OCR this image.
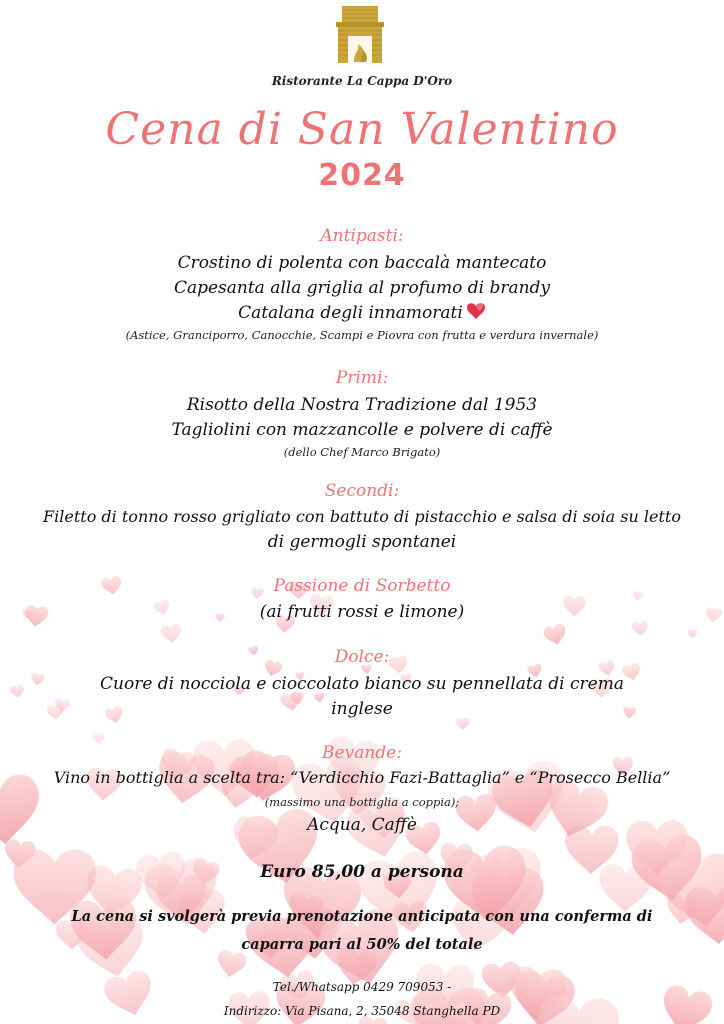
Ristorante La Cappa D'Oro
Cena di San Valentino
2024
Antipasti:
Crostino di polenta con baccalà mantecato
Capesanta alla griglia al profumo di brandy
Catalana degli innamorati
(Astice, Granciporro, Canocchie, Scampi e Piovra con frutta e verdura invernale)
Primi:
Risotto della Nostra Tradizione dal 1953
Tagliolini con mazzancolle e polvere di caffè
(dello Chef Marco Brigato)
Secondi:
Filetto di tonno rosso grigliato con battuto di pistacchio e salsa di soia su letto
di germogli spontanei
Passione di Sorbetto
(ai frutti rossi e limone)
Dolce:
Cuore di nocciola e cioccolato bianco su pennellata di crema
inglese
Bevande:
Vino in bottiglia a scelta tra: “Verdicchio Fazi-Battaglia” e “Prosecco Bellia”
(massimo una bottiglia a coppia);
Acqua, Caffè
Euro 85,00 a persona
La cena si svolgerà previa prenotazione anticipata con una conferma di
caparra pari al 50% del totale
Tel./Whatsapp 0429 709053 -
Indirizzo: Via Pisana, 2, 35048 Stanghella PD
